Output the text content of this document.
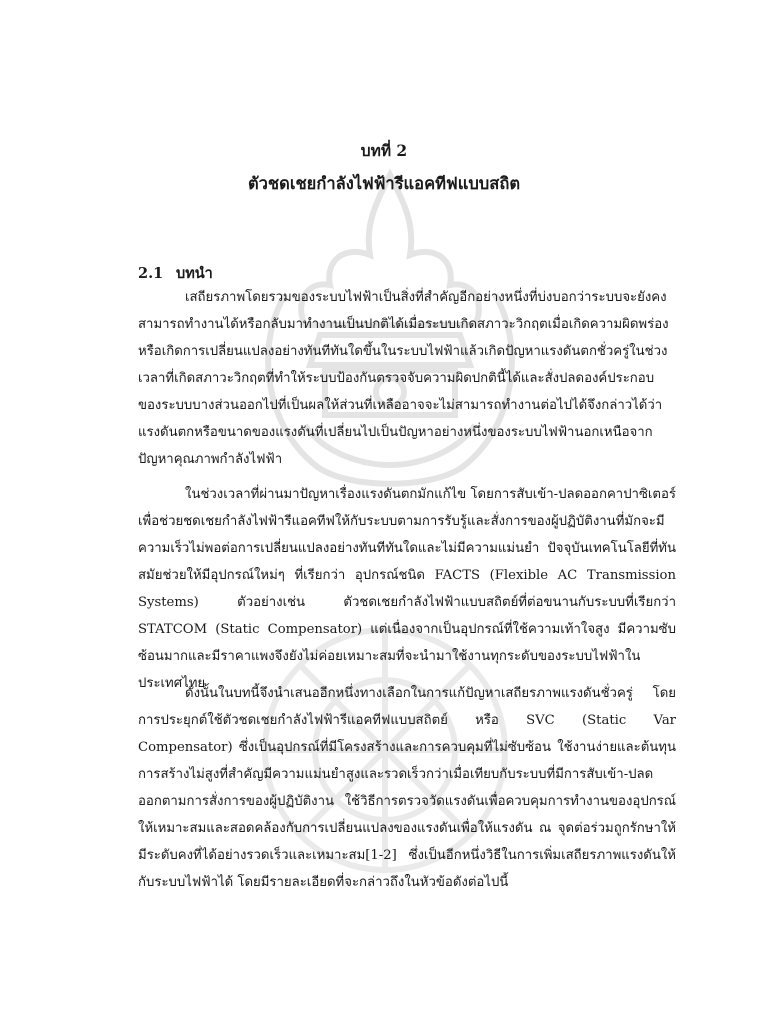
บทที่ 2
ตัวชดเชยกำลังไฟฟ้ารีแอคทีฟแบบสถิต
2.1 บทนำ

เสถียรภาพโดยรวมของระบบไฟฟ้าเป็นสิ่งที่สำคัญอีกอย่างหนึ่งที่บ่งบอกว่าระบบจะยังคงสามารถทำงานได้หรือกลับมาทำงานเป็นปกติได้เมื่อระบบเกิดสภาวะวิกฤตเมื่อเกิดความผิดพร่องหรือเกิดการเปลี่ยนแปลงอย่างทันทีทันใดขึ้นในระบบไฟฟ้าแล้วเกิดปัญหาแรงดันตกชั่วครู่ในช่วงเวลาที่เกิดสภาวะวิกฤตที่ทำให้ระบบป้องกันตรวจจับความผิดปกตินี้ได้และสั่งปลดองค์ประกอบของระบบบางส่วนออกไปที่เป็นผลให้ส่วนที่เหลืออาจจะไม่สามารถทำงานต่อไปได้จึงกล่าวได้ว่าแรงดันตกหรือขนาดของแรงดันที่เปลี่ยนไปเป็นปัญหาอย่างหนึ่งของระบบไฟฟ้านอกเหนือจากปัญหาคุณภาพกำลังไฟฟ้า

ในช่วงเวลาที่ผ่านมาปัญหาเรื่องแรงดันตกมักแก้ไข โดยการสับเข้า-ปลดออกคาปาซิเตอร์เพื่อช่วยชดเชยกำลังไฟฟ้ารีแอคทีฟให้กับระบบตามการรับรู้และสั่งการของผู้ปฏิบัติงานที่มักจะมีความเร็วไม่พอต่อการเปลี่ยนแปลงอย่างทันทีทันใดและไม่มีความแม่นยำ ปัจจุบันเทคโนโลยีที่ทันสมัยช่วยให้มีอุปกรณ์ใหม่ๆ ที่เรียกว่า อุปกรณ์ชนิด FACTS (Flexible AC Transmission Systems) ตัวอย่างเช่น ตัวชดเชยกำลังไฟฟ้าแบบสถิตย์ที่ต่อขนานกับระบบที่เรียกว่า STATCOM (Static Compensator) แต่เนื่องจากเป็นอุปกรณ์ที่ใช้ความเท้าใจสูง มีความซับซ้อนมากและมีราคาแพงจึงยังไม่ค่อยเหมาะสมที่จะนำมาใช้งานทุกระดับของระบบไฟฟ้าในประเทศไทย

ดังนั้นในบทนี้จึงนำเสนออีกหนึ่งทางเลือกในการแก้ปัญหาเสถียรภาพแรงดันชั่วครู่ โดยการประยุกต์ใช้ตัวชดเชยกำลังไฟฟ้ารีแอคทีฟแบบสถิตย์ หรือ SVC (Static Var Compensator) ซึ่งเป็นอุปกรณ์ที่มีโครงสร้างและการควบคุมที่ไม่ซับซ้อน ใช้งานง่ายและต้นทุนการสร้างไม่สูงที่สำคัญมีความแม่นยำสูงและรวดเร็วกว่าเมื่อเทียบกับระบบที่มีการสับเข้า-ปลดออกตามการสั่งการของผู้ปฏิบัติงาน ใช้วิธีการตรวจวัดแรงดันเพื่อควบคุมการทำงานของอุปกรณ์ให้เหมาะสมและสอดคล้องกับการเปลี่ยนแปลงของแรงดันเพื่อให้แรงดัน ณ จุดต่อร่วมถูกรักษาให้มีระดับคงที่ได้อย่างรวดเร็วและเหมาะสม[1-2] ซึ่งเป็นอีกหนึ่งวิธีในการเพิ่มเสถียรภาพแรงดันให้กับระบบไฟฟ้าได้ โดยมีรายละเอียดที่จะกล่าวถึงในหัวข้อดังต่อไปนี้
